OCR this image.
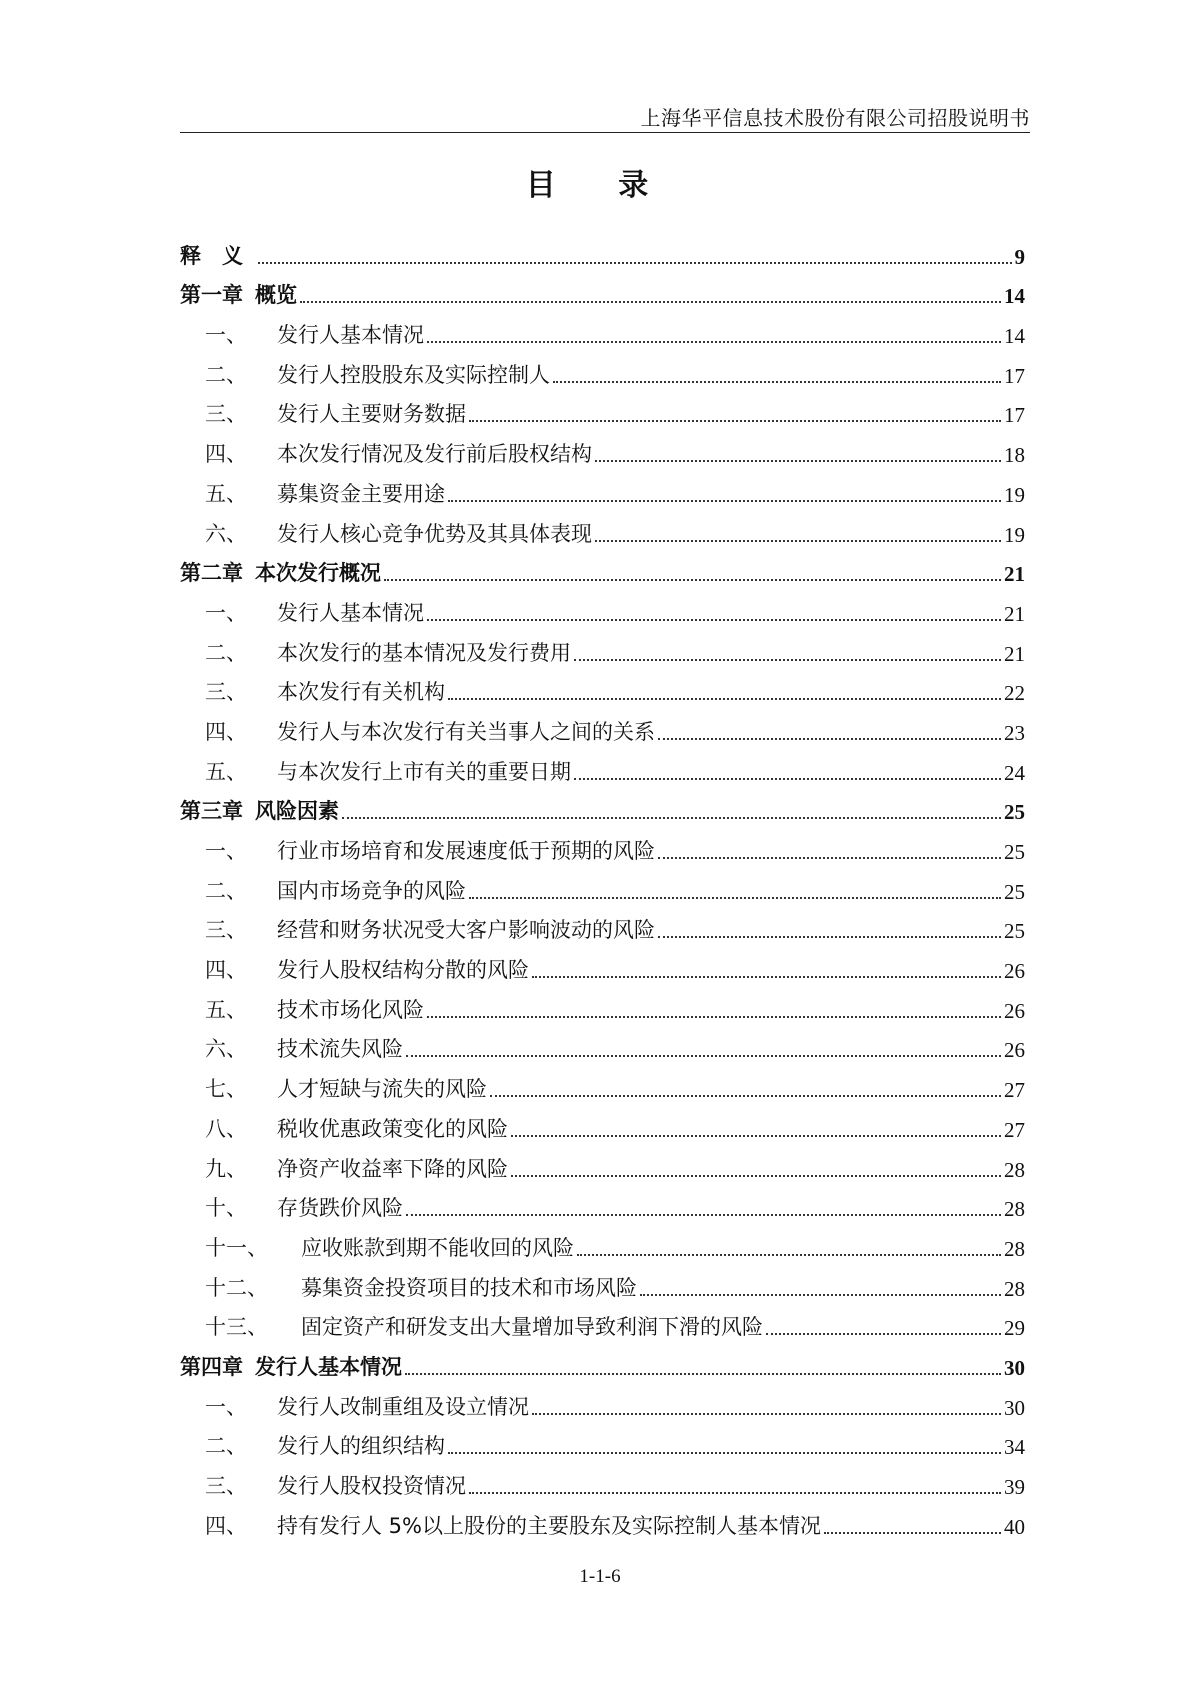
上海华平信息技术股份有限公司招股说明书
目 录
释　义	9
第一章 概览	14
一、	发行人基本情况	14
二、	发行人控股股东及实际控制人	17
三、	发行人主要财务数据	17
四、	本次发行情况及发行前后股权结构	18
五、	募集资金主要用途	19
六、	发行人核心竞争优势及其具体表现	19
第二章 本次发行概况	21
一、	发行人基本情况	21
二、	本次发行的基本情况及发行费用	21
三、	本次发行有关机构	22
四、	发行人与本次发行有关当事人之间的关系	23
五、	与本次发行上市有关的重要日期	24
第三章 风险因素	25
一、	行业市场培育和发展速度低于预期的风险	25
二、	国内市场竞争的风险	25
三、	经营和财务状况受大客户影响波动的风险	25
四、	发行人股权结构分散的风险	26
五、	技术市场化风险	26
六、	技术流失风险	26
七、	人才短缺与流失的风险	27
八、	税收优惠政策变化的风险	27
九、	净资产收益率下降的风险	28
十、	存货跌价风险	28
十一、	应收账款到期不能收回的风险	28
十二、	募集资金投资项目的技术和市场风险	28
十三、	固定资产和研发支出大量增加导致利润下滑的风险	29
第四章 发行人基本情况	30
一、	发行人改制重组及设立情况	30
二、	发行人的组织结构	34
三、	发行人股权投资情况	39
四、	持有发行人 5%以上股份的主要股东及实际控制人基本情况	40
1-1-6
